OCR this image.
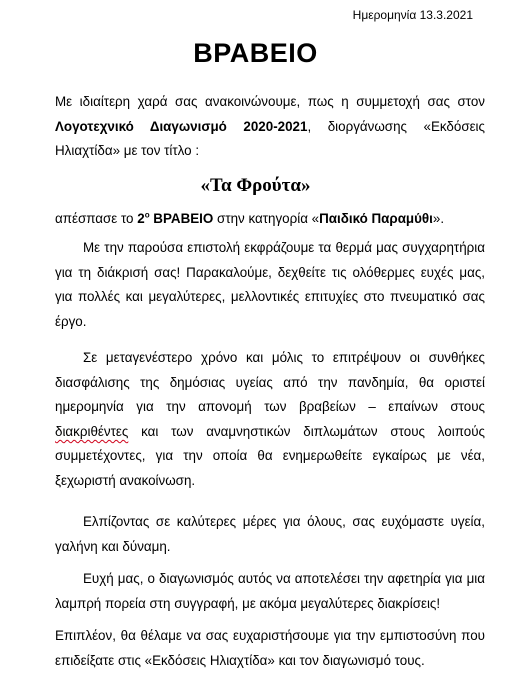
Ημερομηνία 13.3.2021
ΒΡΑΒΕΙΟ
Με ιδιαίτερη χαρά σας ανακοινώνουμε, πως η συμμετοχή σας στον Λογοτεχνικό Διαγωνισμό 2020-2021, διοργάνωσης «Εκδόσεις Ηλιαχτίδα» με τον τίτλο :
«Τα Φρούτα»
απέσπασε το $2^o$ ΒΡΑΒΕΙΟ στην κατηγορία «Παιδικό Παραμύθι».
Με την παρούσα επιστολή εκφράζουμε τα θερμά μας συγχαρητήρια για τη διάκρισή σας! Παρακαλούμε, δεχθείτε τις ολόθερμες ευχές μας, για πολλές και μεγαλύτερες, μελλοντικές επιτυχίες στο πνευματικό σας έργο.
Σε μεταγενέστερο χρόνο και μόλις το επιτρέψουν οι συνθήκες διασφάλισης της δημόσιας υγείας από την πανδημία, θα οριστεί ημερομηνία για την απονομή των βραβείων – επαίνων στους διακριθέντες και των αναμνηστικών διπλωμάτων στους λοιπούς συμμετέχοντες, για την οποία θα ενημερωθείτε εγκαίρως με νέα, ξεχωριστή ανακοίνωση.
Ελπίζοντας σε καλύτερες μέρες για όλους, σας ευχόμαστε υγεία, γαλήνη και δύναμη.
Ευχή μας, ο διαγωνισμός αυτός να αποτελέσει την αφετηρία για μια λαμπρή πορεία στη συγγραφή, με ακόμα μεγαλύτερες διακρίσεις!
Επιπλέον, θα θέλαμε να σας ευχαριστήσουμε για την εμπιστοσύνη που επιδείξατε στις «Εκδόσεις Ηλιαχτίδα» και τον διαγωνισμό τους.
